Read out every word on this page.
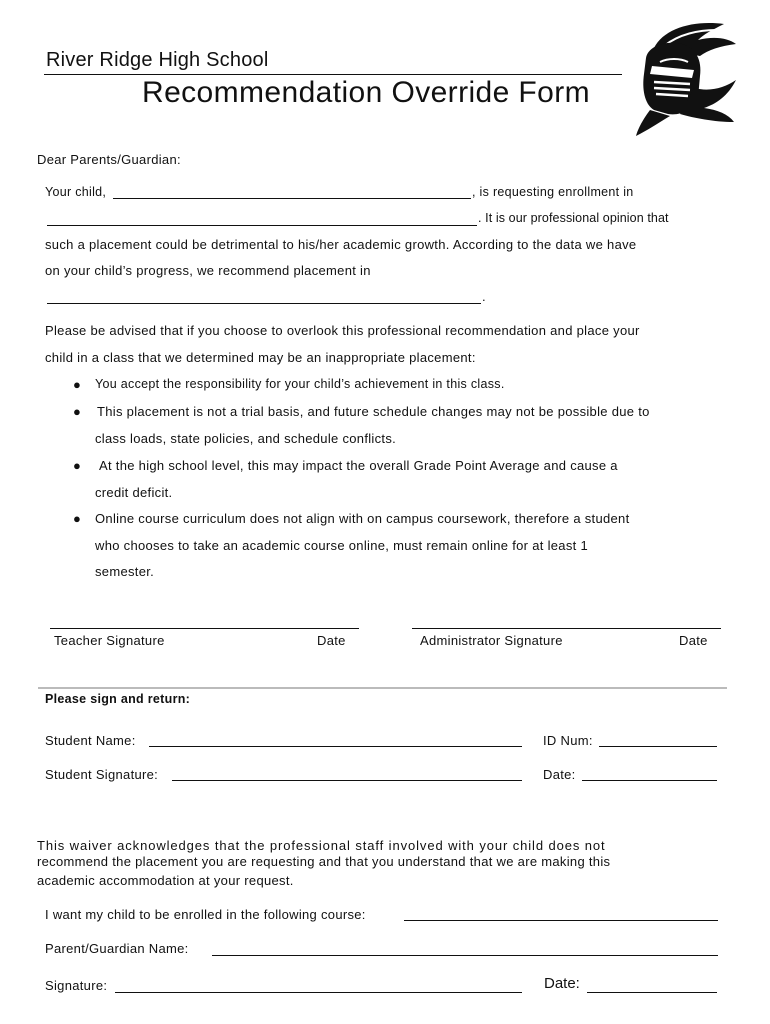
River Ridge High School
Recommendation Override Form
Dear Parents/Guardian:
Your child,	, is requesting enrollment in
. It is our professional opinion that
such a placement could be detrimental to his/her academic growth. According to the data we have
on your child’s progress, we recommend placement in
.
Please be advised that if you choose to overlook this professional recommendation and place your
child in a class that we determined may be an inappropriate placement:
● You accept the responsibility for your child’s achievement in this class.
● This placement is not a trial basis, and future schedule changes may not be possible due to
class loads, state policies, and schedule conflicts.
● At the high school level, this may impact the overall Grade Point Average and cause a
credit deficit.
● Online course curriculum does not align with on campus coursework, therefore a student
who chooses to take an academic course online, must remain online for at least 1
semester.
Teacher Signature	Date	Administrator Signature	Date
Please sign and return:
Student Name:	ID Num:
Student Signature:	Date:
This waiver acknowledges that the professional staff involved with your child does not
recommend the placement you are requesting and that you understand that we are making this
academic accommodation at your request.
I want my child to be enrolled in the following course:
Parent/Guardian Name:
Signature:	Date:
